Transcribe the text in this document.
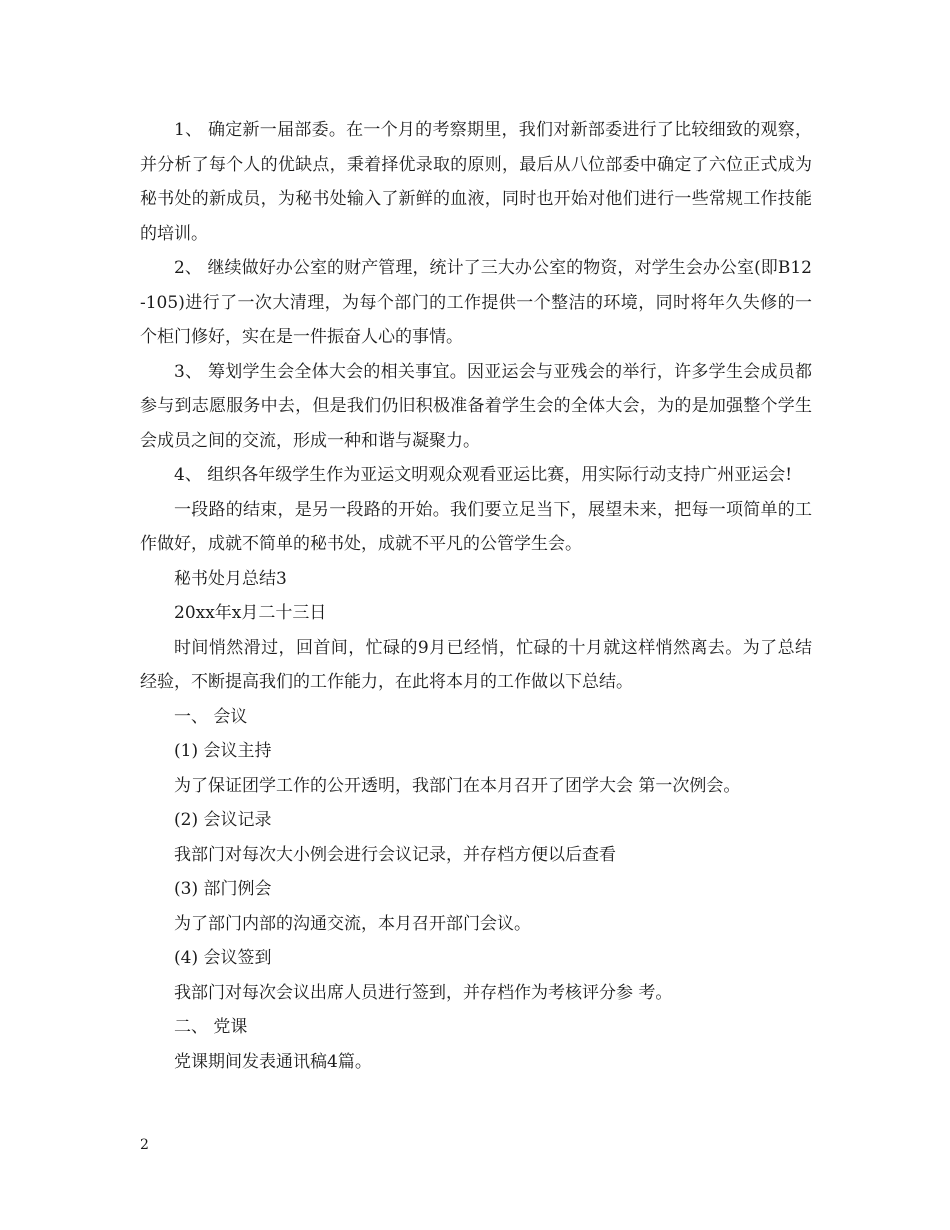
1、 确定新一届部委。在一个月的考察期里，我们对新部委进行了比较细致的观察，并分析了每个人的优缺点，秉着择优录取的原则，最后从八位部委中确定了六位正式成为秘书处的新成员，为秘书处输入了新鲜的血液，同时也开始对他们进行一些常规工作技能的培训。

2、 继续做好办公室的财产管理，统计了三大办公室的物资，对学生会办公室(即B12-105)进行了一次大清理，为每个部门的工作提供一个整洁的环境，同时将年久失修的一个柜门修好，实在是一件振奋人心的事情。

3、 筹划学生会全体大会的相关事宜。因亚运会与亚残会的举行，许多学生会成员都参与到志愿服务中去，但是我们仍旧积极准备着学生会的全体大会，为的是加强整个学生会成员之间的交流，形成一种和谐与凝聚力。

4、 组织各年级学生作为亚运文明观众观看亚运比赛，用实际行动支持广州亚运会!

一段路的结束，是另一段路的开始。我们要立足当下，展望未来，把每一项简单的工作做好，成就不简单的秘书处，成就不平凡的公管学生会。

秘书处月总结3

20xx年x月二十三日

时间悄然滑过，回首间，忙碌的9月已经悄，忙碌的十月就这样悄然离去。为了总结经验，不断提高我们的工作能力，在此将本月的工作做以下总结。

一、 会议

(1) 会议主持

为了保证团学工作的公开透明，我部门在本月召开了团学大会 第一次例会。

(2) 会议记录

我部门对每次大小例会进行会议记录，并存档方便以后查看

(3) 部门例会

为了部门内部的沟通交流，本月召开部门会议。

(4) 会议签到

我部门对每次会议出席人员进行签到，并存档作为考核评分参 考。

二、 党课

党课期间发表通讯稿4篇。

2
